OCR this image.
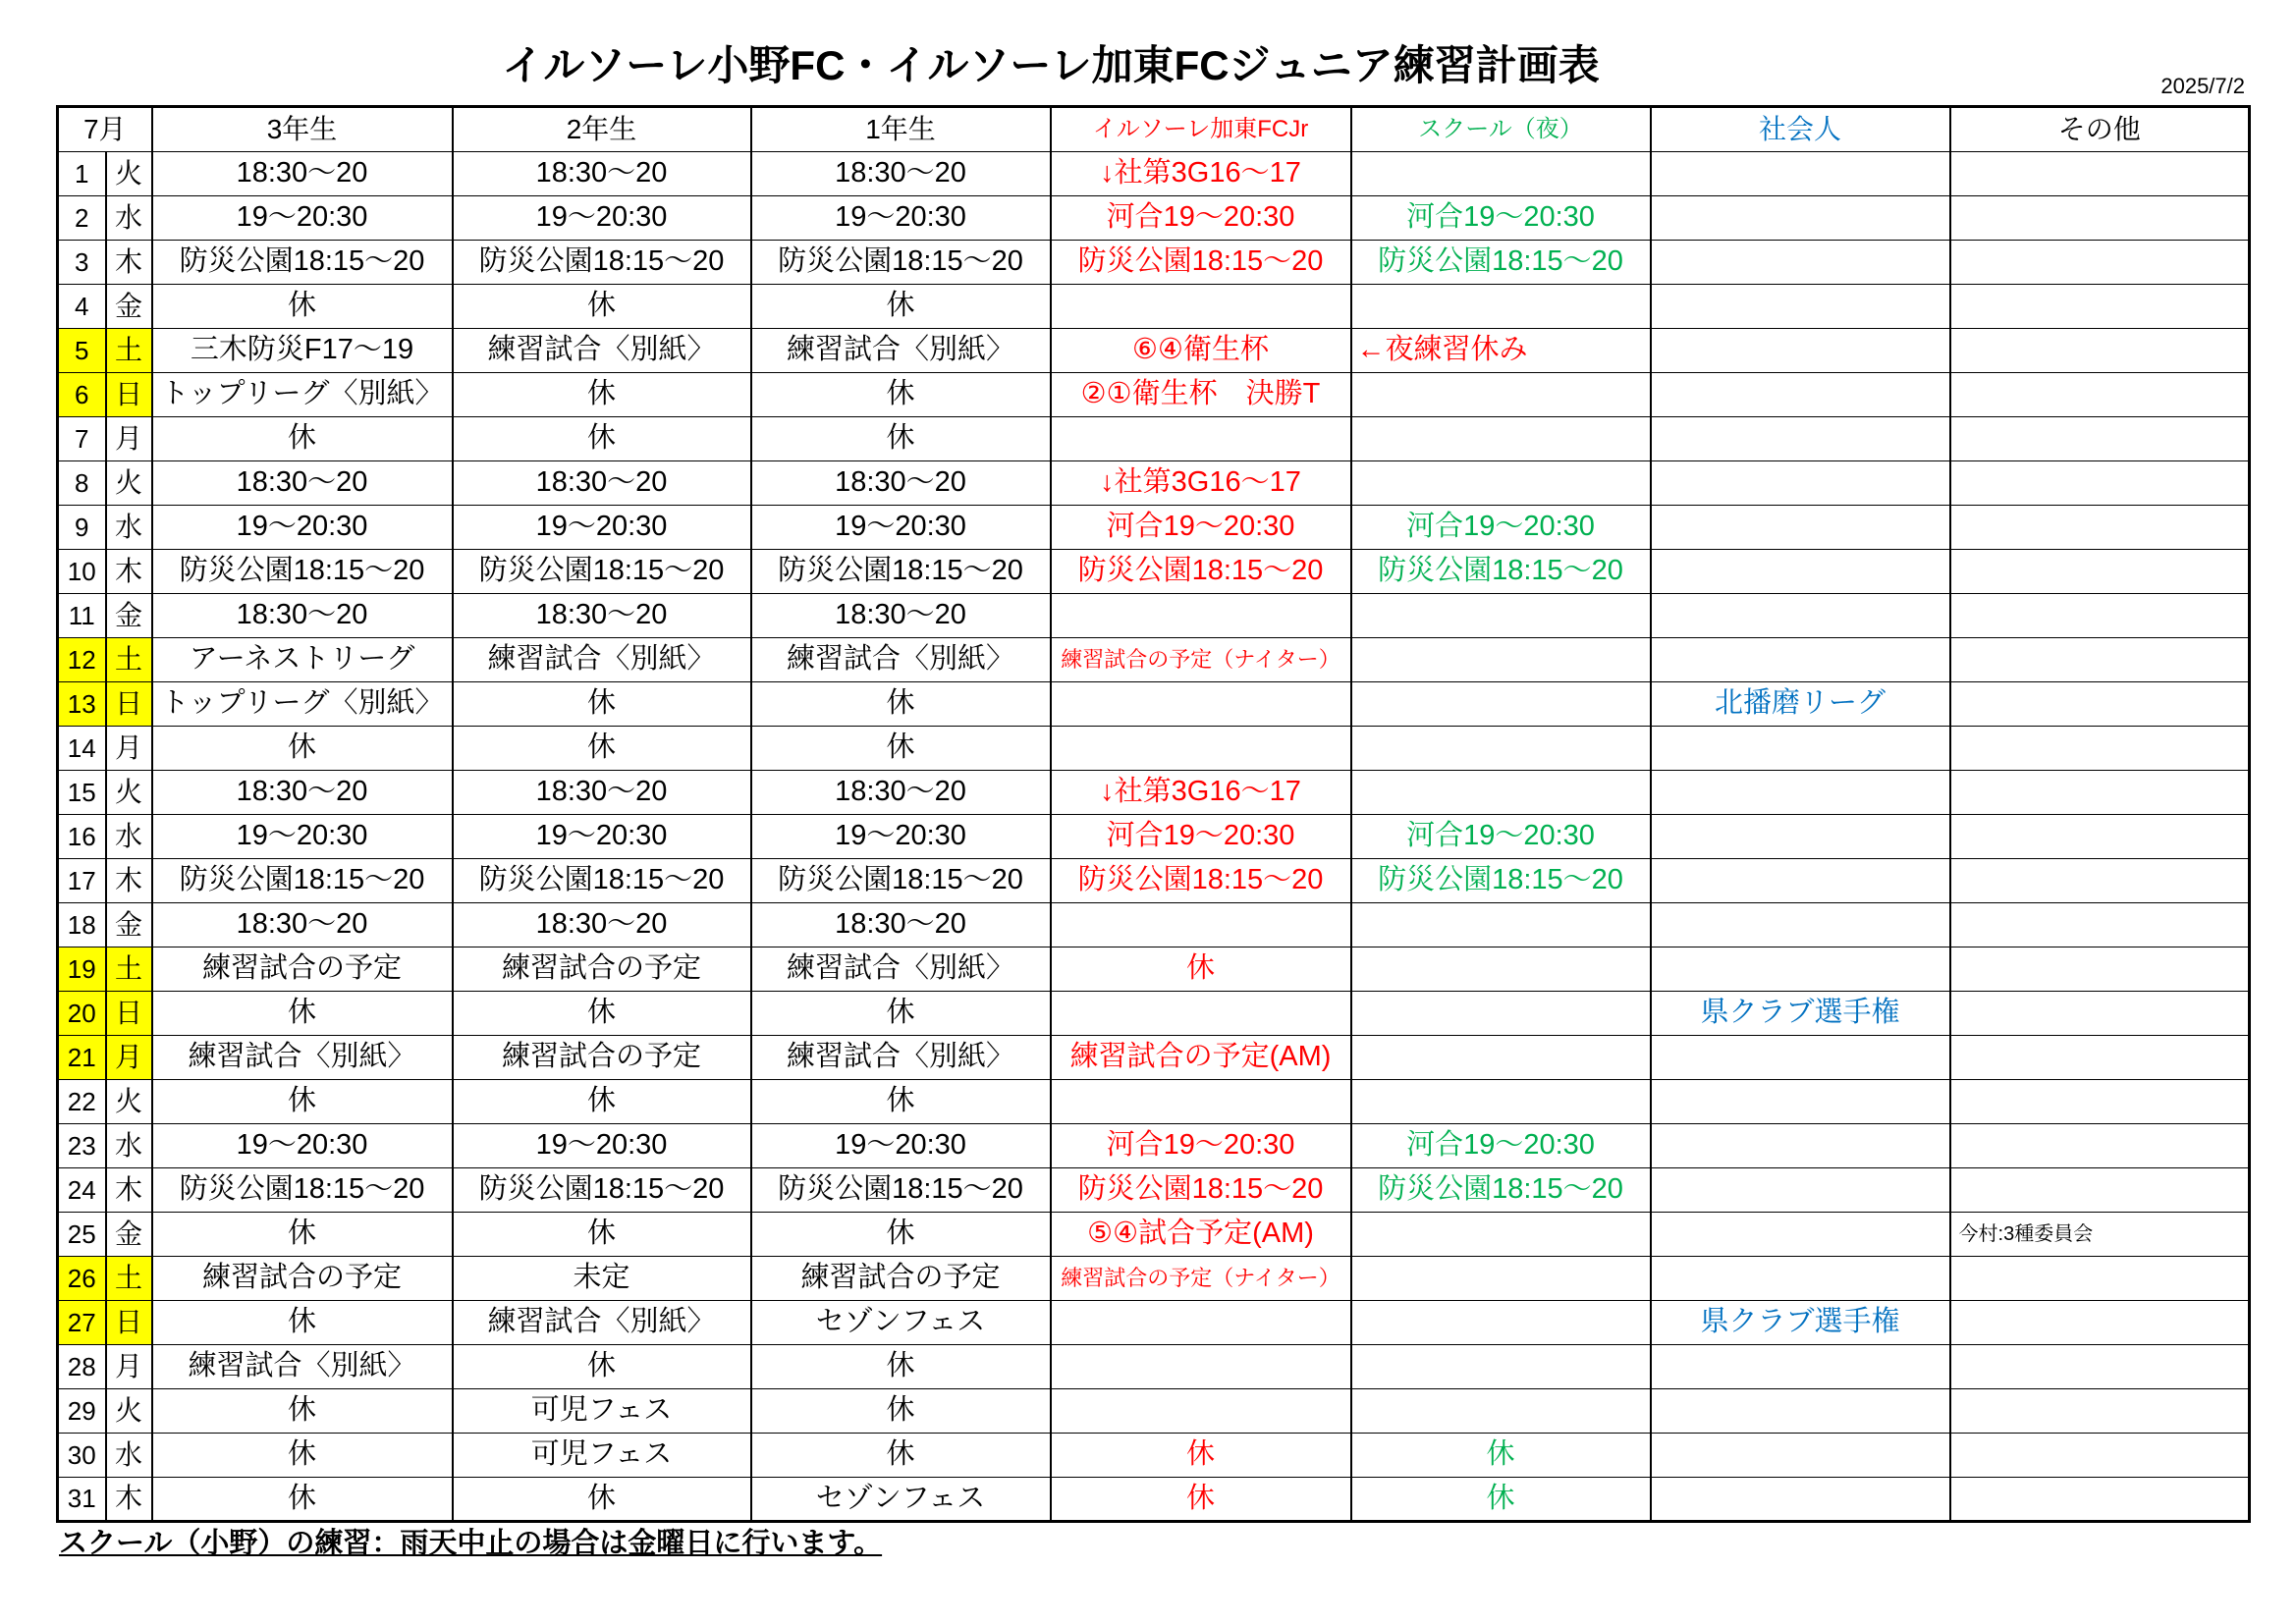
イルソーレ小野FC・イルソーレ加東FCジュニア練習計画表	2025/7/2
7月		3年生	2年生	1年生	イルソーレ加東FCJr	スクール（夜）	社会人	その他
1	火	18:30～20	18:30～20	18:30～20	↓社第3G16～17			
2	水	19～20:30	19～20:30	19～20:30	河合19～20:30	河合19～20:30		
3	木	防災公園18:15～20	防災公園18:15～20	防災公園18:15～20	防災公園18:15～20	防災公園18:15～20		
4	金	休	休	休				
5	土	三木防災F17～19	練習試合〈別紙〉	練習試合〈別紙〉	⑥④衛生杯	←夜練習休み		
6	日	トップリーグ〈別紙〉	休	休	②①衛生杯　決勝T			
7	月	休	休	休				
8	火	18:30～20	18:30～20	18:30～20	↓社第3G16～17			
9	水	19～20:30	19～20:30	19～20:30	河合19～20:30	河合19～20:30		
10	木	防災公園18:15～20	防災公園18:15～20	防災公園18:15～20	防災公園18:15～20	防災公園18:15～20		
11	金	18:30～20	18:30～20	18:30～20				
12	土	アーネストリーグ	練習試合〈別紙〉	練習試合〈別紙〉	練習試合の予定（ナイター）			
13	日	トップリーグ〈別紙〉	休	休			北播磨リーグ	
14	月	休	休	休				
15	火	18:30～20	18:30～20	18:30～20	↓社第3G16～17			
16	水	19～20:30	19～20:30	19～20:30	河合19～20:30	河合19～20:30		
17	木	防災公園18:15～20	防災公園18:15～20	防災公園18:15～20	防災公園18:15～20	防災公園18:15～20		
18	金	18:30～20	18:30～20	18:30～20				
19	土	練習試合の予定	練習試合の予定	練習試合〈別紙〉	休			
20	日	休	休	休			県クラブ選手権	
21	月	練習試合〈別紙〉	練習試合の予定	練習試合〈別紙〉	練習試合の予定(AM)			
22	火	休	休	休				
23	水	19～20:30	19～20:30	19～20:30	河合19～20:30	河合19～20:30		
24	木	防災公園18:15～20	防災公園18:15～20	防災公園18:15～20	防災公園18:15～20	防災公園18:15～20		
25	金	休	休	休	⑤④試合予定(AM)			今村:3種委員会
26	土	練習試合の予定	未定	練習試合の予定	練習試合の予定（ナイター）			
27	日	休	練習試合〈別紙〉	セゾンフェス			県クラブ選手権	
28	月	練習試合〈別紙〉	休	休				
29	火	休	可児フェス	休				
30	水	休	可児フェス	休	休	休		
31	木	休	休	セゾンフェス	休	休		
スクール（小野）の練習：雨天中止の場合は金曜日に行います。
